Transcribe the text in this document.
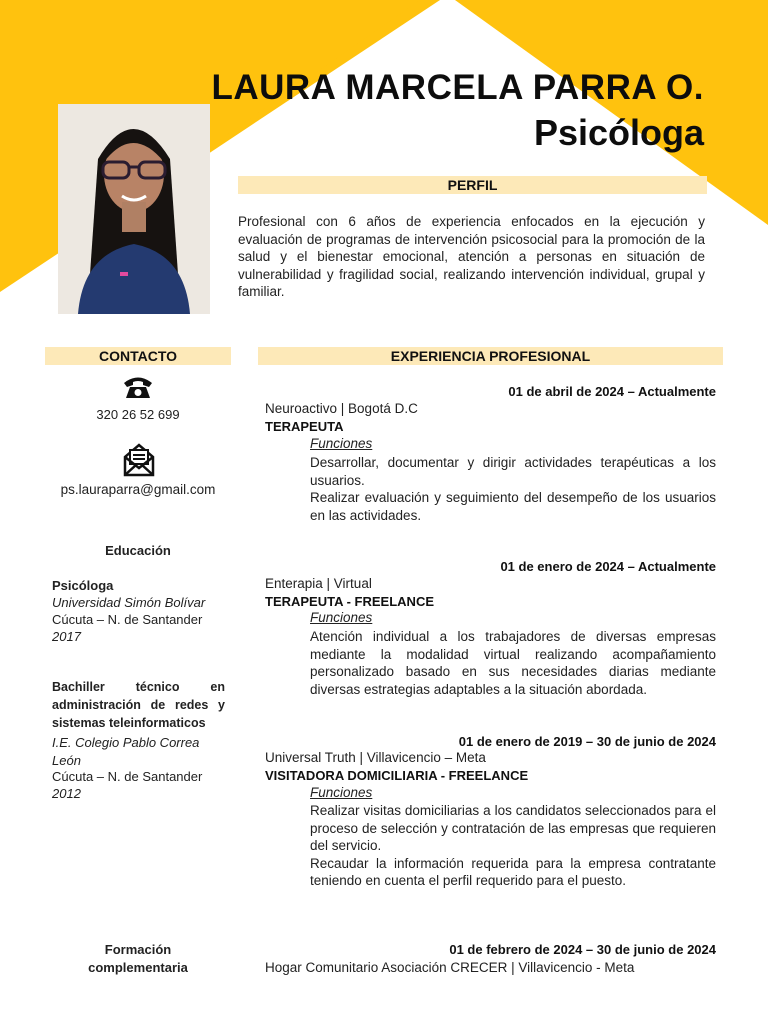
LAURA MARCELA PARRA O.
Psicóloga
PERFIL
Profesional con 6 años de experiencia enfocados en la ejecución y evaluación de programas de intervención psicosocial para la promoción de la salud y el bienestar emocional, atención a personas en situación de vulnerabilidad y fragilidad social, realizando intervención individual, grupal y familiar.
CONTACTO	EXPERIENCIA PROFESIONAL
320 26 52 699
ps.lauraparra@gmail.com
Educación
Psicóloga
Universidad Simón Bolívar
Cúcuta – N. de Santander
2017
Bachiller técnico en administración de redes y sistemas teleinformaticos
I.E. Colegio Pablo Correa León
Cúcuta – N. de Santander
2012
Formación complementaria
01 de abril de 2024 – Actualmente
Neuroactivo | Bogotá D.C
TERAPEUTA
Funciones

Desarrollar, documentar y dirigir actividades terapéuticas a los usuarios.

Realizar evaluación y seguimiento del desempeño de los usuarios en las actividades.

01 de enero de 2024 – Actualmente
Enterapia | Virtual
TERAPEUTA - FREELANCE
Funciones

Atención individual a los trabajadores de diversas empresas mediante la modalidad virtual realizando acompañamiento personalizado basado en sus necesidades diarias mediante diversas estrategias adaptables a la situación abordada.

01 de enero de 2019 – 30 de junio de 2024
Universal Truth | Villavicencio – Meta
VISITADORA DOMICILIARIA - FREELANCE
Funciones

Realizar visitas domiciliarias a los candidatos seleccionados para el proceso de selección y contratación de las empresas que requieren del servicio.

Recaudar la información requerida para la empresa contratante teniendo en cuenta el perfil requerido para el puesto.

01 de febrero de 2024 – 30 de junio de 2024
Hogar Comunitario Asociación CRECER | Villavicencio - Meta
